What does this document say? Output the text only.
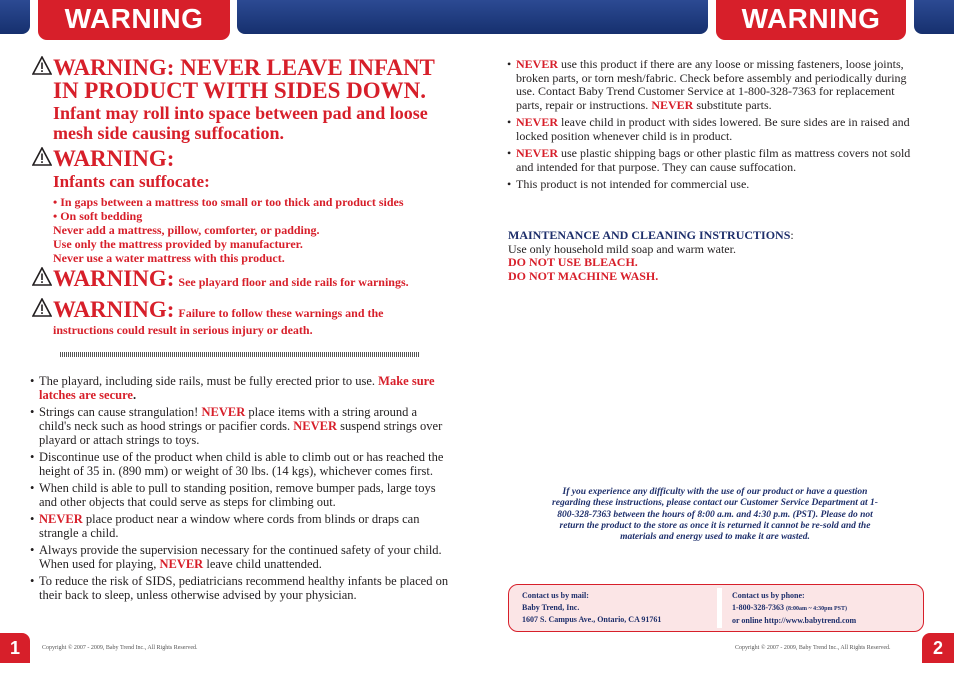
WARNING	WARNING
WARNING: NEVER LEAVE INFANT IN PRODUCT WITH SIDES DOWN.
Infant may roll into space between pad and loose mesh side causing suffocation.
WARNING:
Infants can suffocate:
• In gaps between a mattress too small or too thick and product sides
• On soft bedding
Never add a mattress, pillow, comforter, or padding.
Use only the mattress provided by manufacturer.
Never use a water mattress with this product.
WARNING: See playard floor and side rails for warnings.
WARNING: Failure to follow these warnings and the
instructions could result in serious injury or death.
• The playard, including side rails, must be fully erected prior to use. Make sure latches are secure.
• Strings can cause strangulation! NEVER place items with a string around a child's neck such as hood strings or pacifier cords. NEVER suspend strings over playard or attach strings to toys.
• Discontinue use of the product when child is able to climb out or has reached the height of 35 in. (890 mm) or weight of 30 lbs. (14 kgs), whichever comes first.
• When child is able to pull to standing position, remove bumper pads, large toys and other objects that could serve as steps for climbing out.
• NEVER place product near a window where cords from blinds or draps can strangle a child.
• Always provide the supervision necessary for the continued safety of your child. When used for playing, NEVER leave child unattended.
• To reduce the risk of SIDS, pediatricians recommend healthy infants be placed on their back to sleep, unless otherwise advised by your physician.
1	Copyright © 2007 - 2009, Baby Trend Inc., All Rights Reserved.
• NEVER use this product if there are any loose or missing fasteners, loose joints, broken parts, or torn mesh/fabric. Check before assembly and periodically during use. Contact Baby Trend Customer Service at 1-800-328-7363 for replacement parts, repair or instructions. NEVER substitute parts.
• NEVER leave child in product with sides lowered. Be sure sides are in raised and locked position whenever child is in product.
• NEVER use plastic shipping bags or other plastic film as mattress covers not sold and intended for that purpose. They can cause suffocation.
• This product is not intended for commercial use.
MAINTENANCE AND CLEANING INSTRUCTIONS:
Use only household mild soap and warm water.
DO NOT USE BLEACH.
DO NOT MACHINE WASH.
If you experience any difficulty with the use of our product or have a question regarding these instructions, please contact our Customer Service Department at 1-800-328-7363 between the hours of 8:00 a.m. and 4:30 p.m. (PST). Please do not return the product to the store as once it is returned it cannot be re-sold and the materials and energy used to make it are wasted.
Contact us by mail:
Baby Trend, Inc.
1607 S. Campus Ave., Ontario, CA 91761
Contact us by phone:
1-800-328-7363 (8:00am ~ 4:30pm PST)
or online http://www.babytrend.com
Copyright © 2007 - 2009, Baby Trend Inc., All Rights Reserved.	2
